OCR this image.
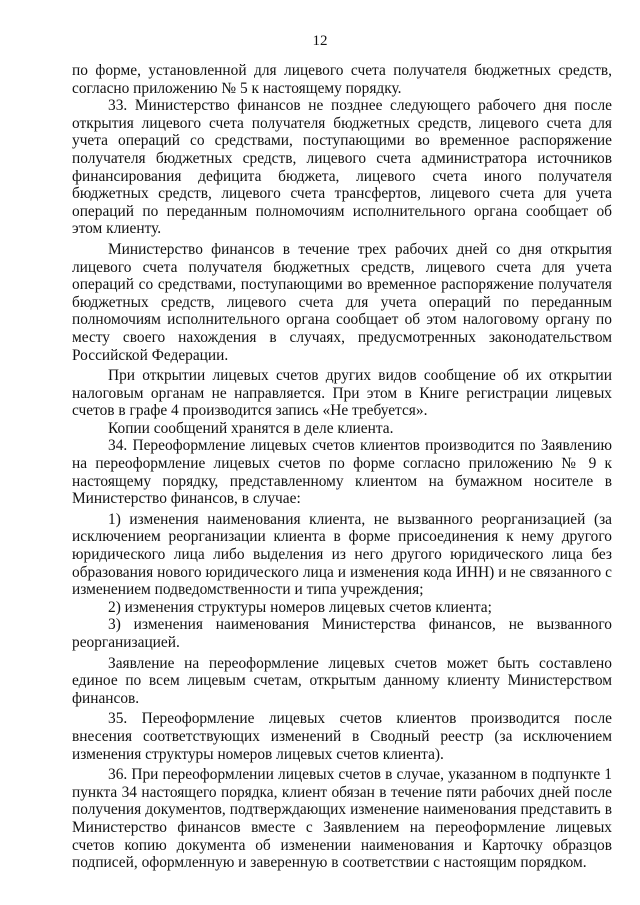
12

по форме, установленной для лицевого счета получателя бюджетных средств, согласно приложению № 5 к настоящему порядку.

33. Министерство финансов не позднее следующего рабочего дня после открытия лицевого счета получателя бюджетных средств, лицевого счета для учета операций со средствами, поступающими во временное распоряжение получателя бюджетных средств, лицевого счета администратора источников финансирования дефицита бюджета, лицевого счета иного получателя бюджетных средств, лицевого счета трансфертов, лицевого счета для учета операций по переданным полномочиям исполнительного органа сообщает об этом клиенту.

Министерство финансов в течение трех рабочих дней со дня открытия лицевого счета получателя бюджетных средств, лицевого счета для учета операций со средствами, поступающими во временное распоряжение получателя бюджетных средств, лицевого счета для учета операций по переданным полномочиям исполнительного органа сообщает об этом налоговому органу по месту своего нахождения в случаях, предусмотренных законодательством Российской Федерации.

При открытии лицевых счетов других видов сообщение об их открытии налоговым органам не направляется. При этом в Книге регистрации лицевых счетов в графе 4 производится запись «Не требуется».

Копии сообщений хранятся в деле клиента.

34. Переоформление лицевых счетов клиентов производится по Заявлению на переоформление лицевых счетов по форме согласно приложению № 9 к настоящему порядку, представленному клиентом на бумажном носителе в Министерство финансов, в случае:

1) изменения наименования клиента, не вызванного реорганизацией (за исключением реорганизации клиента в форме присоединения к нему другого юридического лица либо выделения из него другого юридического лица без образования нового юридического лица и изменения кода ИНН) и не связанного с изменением подведомственности и типа учреждения;

2) изменения структуры номеров лицевых счетов клиента;

3) изменения наименования Министерства финансов, не вызванного реорганизацией.

Заявление на переоформление лицевых счетов может быть составлено единое по всем лицевым счетам, открытым данному клиенту Министерством финансов.

35. Переоформление лицевых счетов клиентов производится после внесения соответствующих изменений в Сводный реестр (за исключением изменения структуры номеров лицевых счетов клиента).

36. При переоформлении лицевых счетов в случае, указанном в подпункте 1 пункта 34 настоящего порядка, клиент обязан в течение пяти рабочих дней после получения документов, подтверждающих изменение наименования представить в Министерство финансов вместе с Заявлением на переоформление лицевых счетов копию документа об изменении наименования и Карточку образцов подписей, оформленную и заверенную в соответствии с настоящим порядком.
